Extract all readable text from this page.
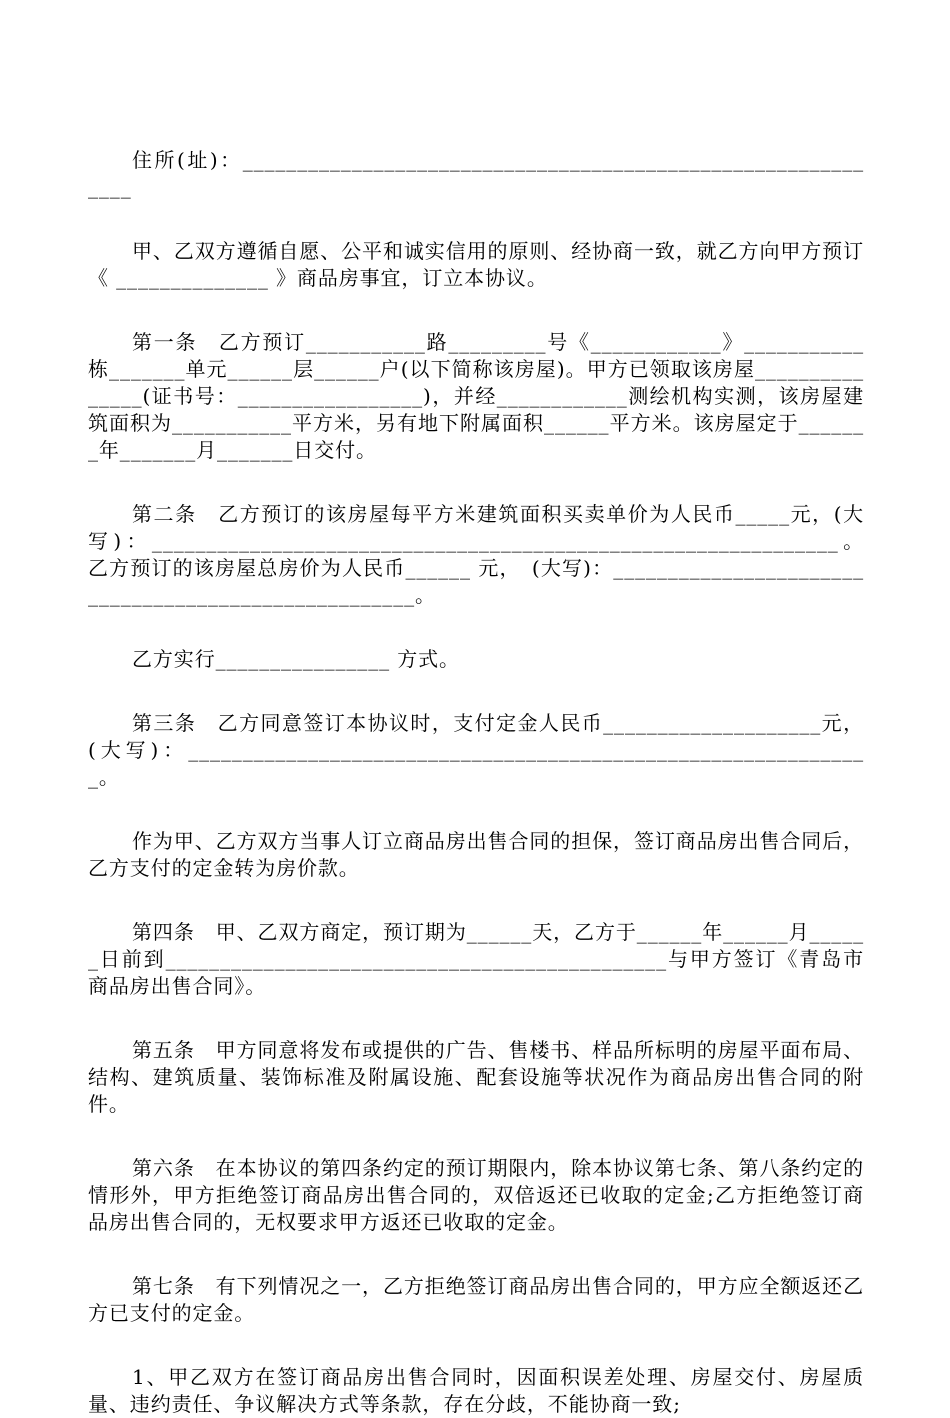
住所(址)：_____________________________________________________________

甲、乙双方遵循自愿、公平和诚实信用的原则、经协商一致，就乙方向甲方预订《 ______________ 》商品房事宜，订立本协议。

第一条　乙方预订___________路_________号《____________》___________栋_______单元______层______户(以下简称该房屋)。甲方已领取该房屋_______________(证书号：_________________)，并经____________测绘机构实测，该房屋建筑面积为___________平方米，另有地下附属面积______平方米。该房屋定于_______年_______月_______日交付。

第二条　乙方预订的该房屋每平方米建筑面积买卖单价为人民币_____元，(大写)：_______________________________________________________________。乙方预订的该房屋总房价为人民币______ 元，　(大写)：_____________________________________________________。

乙方实行________________ 方式。

第三条　乙方同意签订本协议时，支付定金人民币____________________元，(大写)：_______________________________________________________________。

作为甲、乙方双方当事人订立商品房出售合同的担保，签订商品房出售合同后，乙方支付的定金转为房价款。

第四条　甲、乙双方商定，预订期为______天，乙方于______年______月______日前到______________________________________________与甲方签订《青岛市商品房出售合同》。

第五条　甲方同意将发布或提供的广告、售楼书、样品所标明的房屋平面布局、结构、建筑质量、装饰标准及附属设施、配套设施等状况作为商品房出售合同的附件。

第六条　在本协议的第四条约定的预订期限内，除本协议第七条、第八条约定的情形外，甲方拒绝签订商品房出售合同的，双倍返还已收取的定金;乙方拒绝签订商品房出售合同的，无权要求甲方返还已收取的定金。

第七条　有下列情况之一，乙方拒绝签订商品房出售合同的，甲方应全额返还乙方已支付的定金。

1、甲乙双方在签订商品房出售合同时，因面积误差处理、房屋交付、房屋质量、违约责任、争议解决方式等条款，存在分歧，不能协商一致;
